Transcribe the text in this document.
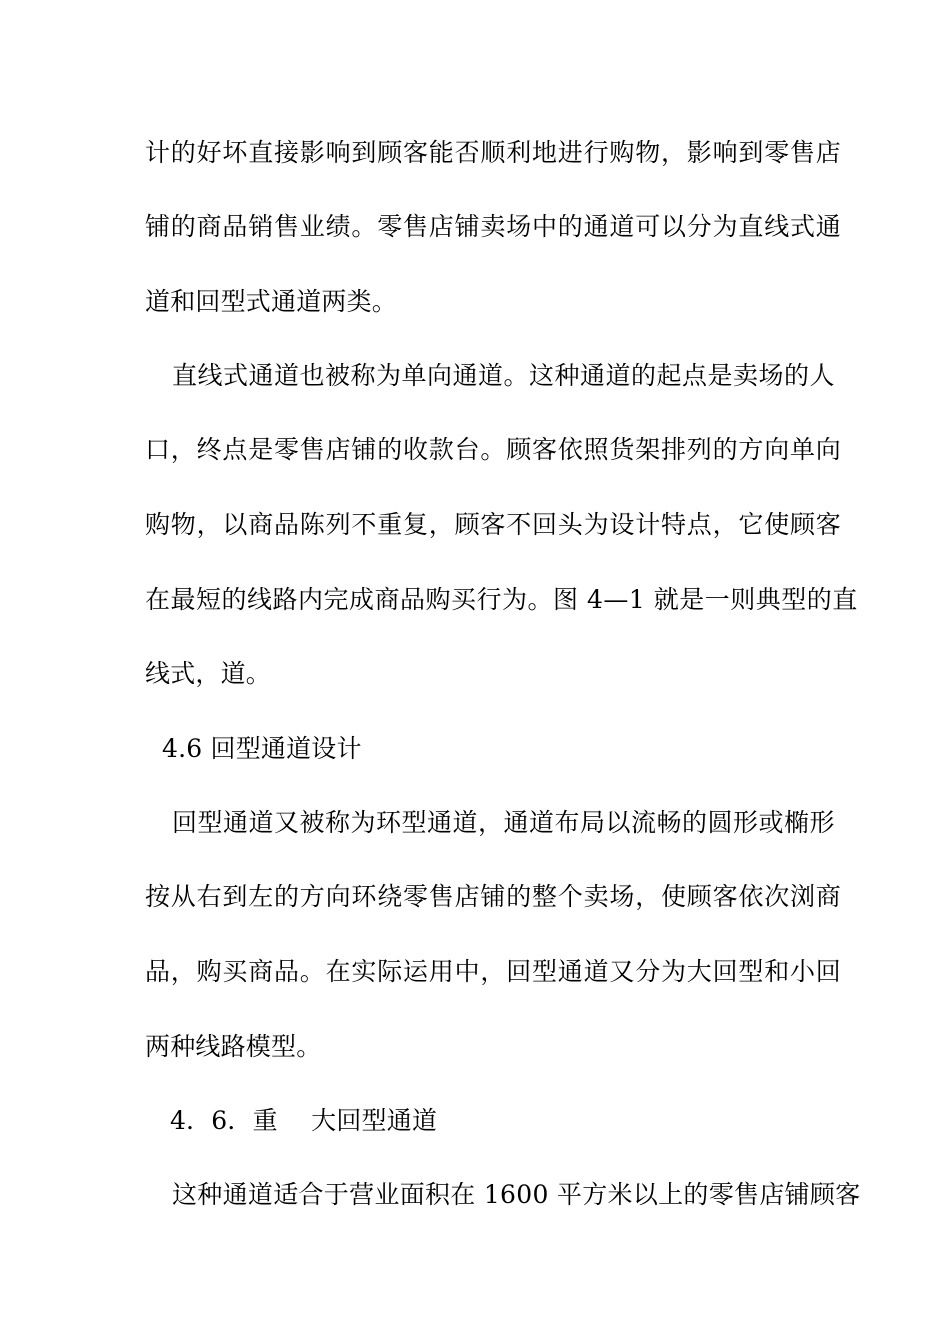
计的好坏直接影响到顾客能否顺利地进行购物，影响到零售店
铺的商品销售业绩。零售店铺卖场中的通道可以分为直线式通
道和回型式通道两类。
直线式通道也被称为单向通道。这种通道的起点是卖场的人
口，终点是零售店铺的收款台。顾客依照货架排列的方向单向
购物，以商品陈列不重复，顾客不回头为设计特点，它使顾客
在最短的线路内完成商品购买行为。图 4—1 就是一则典型的直
线式，道。
4.6 回型通道设计
回型通道又被称为环型通道，通道布局以流畅的圆形或椭形
按从右到左的方向环绕零售店铺的整个卖场，使顾客依次浏商
品，购买商品。在实际运用中，回型通道又分为大回型和小回
两种线路模型。
4．6．重　 大回型通道
这种通道适合于营业面积在 1600 平方米以上的零售店铺顾客
